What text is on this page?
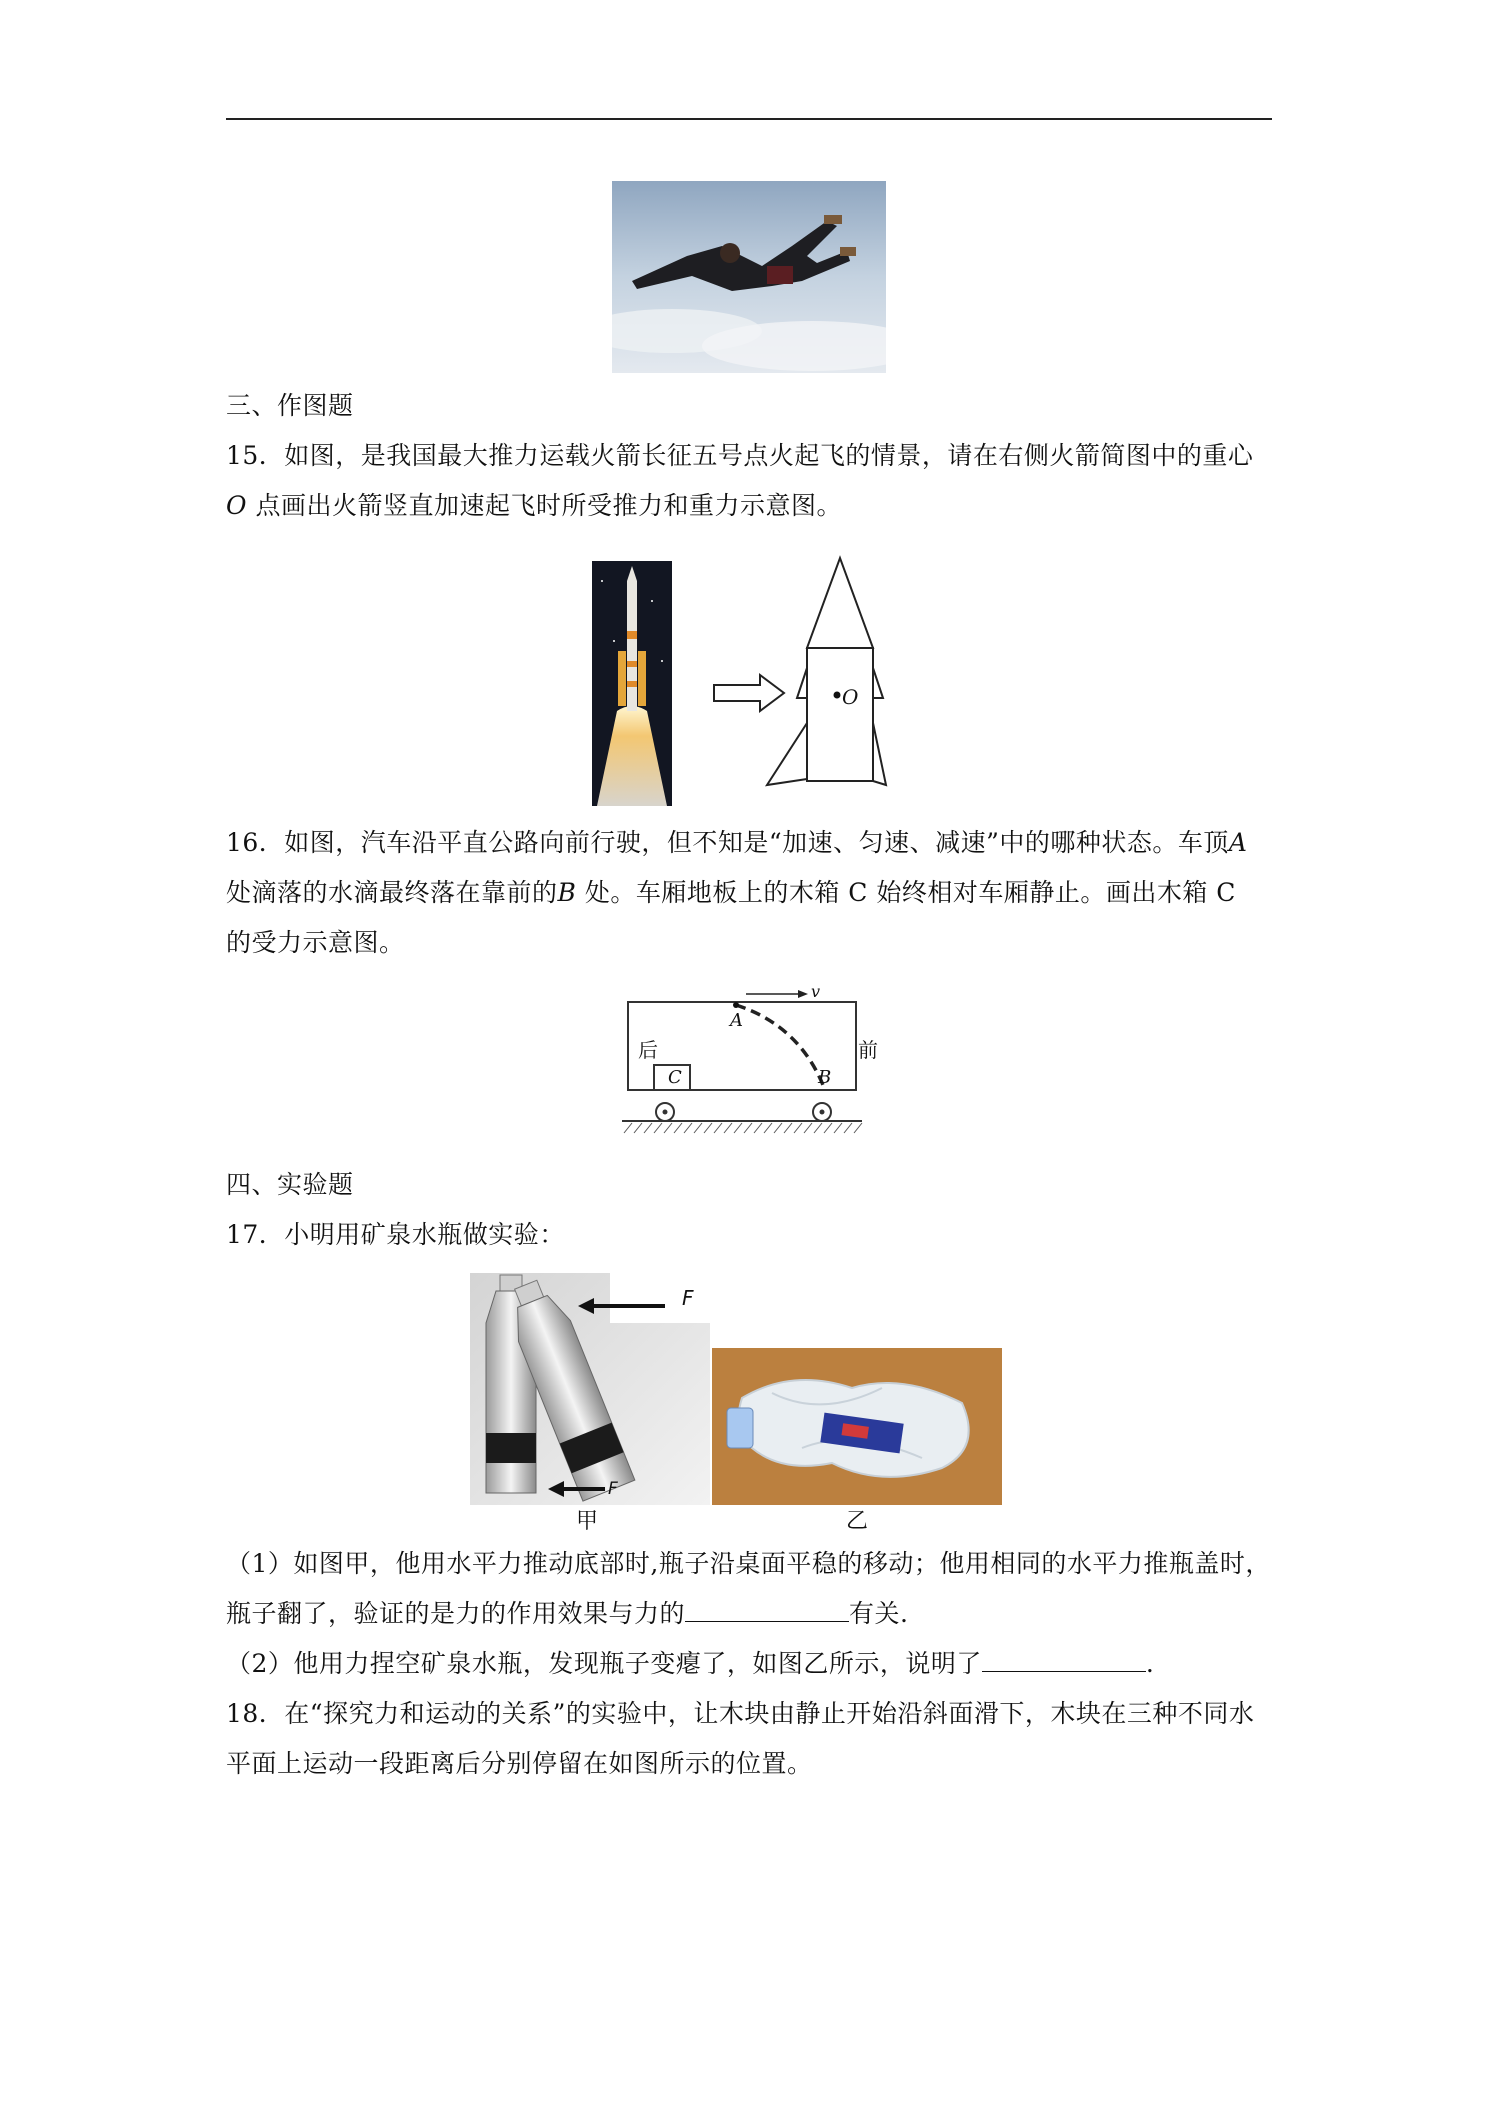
三、作图题
15．如图，是我国最大推力运载火箭长征五号点火起飞的情景，请在右侧火箭简图中的重心
O 点画出火箭竖直加速起飞时所受推力和重力示意图。
O
16．如图，汽车沿平直公路向前行驶，但不知是“加速、匀速、减速”中的哪种状态。车顶A
处滴落的水滴最终落在靠前的B 处。车厢地板上的木箱 C 始终相对车厢静止。画出木箱 C
的受力示意图。
v
A
B
C
后	前
四、实验题
17．小明用矿泉水瓶做实验：
F
F
甲	乙
（1）如图甲，他用水平力推动底部时,瓶子沿桌面平稳的移动；他用相同的水平力推瓶盖时，
瓶子翻了，验证的是力的作用效果与力的	有关.
（2）他用力捏空矿泉水瓶，发现瓶子变瘪了，如图乙所示，说明了	.
18．在“探究力和运动的关系”的实验中，让木块由静止开始沿斜面滑下，木块在三种不同水
平面上运动一段距离后分别停留在如图所示的位置。
